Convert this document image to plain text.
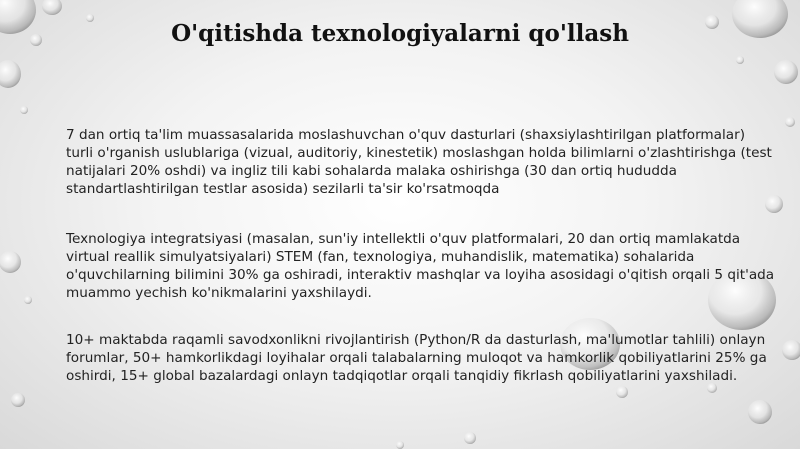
O'qitishda texnologiyalarni qo'llash

7 dan ortiq ta'lim muassasalarida moslashuvchan o'quv dasturlari (shaxsiylashtirilgan platformalar) turli o'rganish uslublariga (vizual, auditoriy, kinestetik) moslashgan holda bilimlarni o'zlashtirishga (test natijalari 20% oshdi) va ingliz tili kabi sohalarda malaka oshirishga (30 dan ortiq hududda standartlashtirilgan testlar asosida) sezilarli ta'sir ko'rsatmoqda

Texnologiya integratsiyasi (masalan, sun'iy intellektli o'quv platformalari, 20 dan ortiq mamlakatda virtual reallik simulyatsiyalari) STEM (fan, texnologiya, muhandislik, matematika) sohalarida o'quvchilarning bilimini 30% ga oshiradi, interaktiv mashqlar va loyiha asosidagi o'qitish orqali 5 qit'ada muammo yechish ko'nikmalarini yaxshilaydi.

10+ maktabda raqamli savodxonlikni rivojlantirish (Python/R da dasturlash, ma'lumotlar tahlili) onlayn forumlar, 50+ hamkorlikdagi loyihalar orqali talabalarning muloqot va hamkorlik qobiliyatlarini 25% ga oshirdi, 15+ global bazalardagi onlayn tadqiqotlar orqali tanqidiy fikrlash qobiliyatlarini yaxshiladi.
